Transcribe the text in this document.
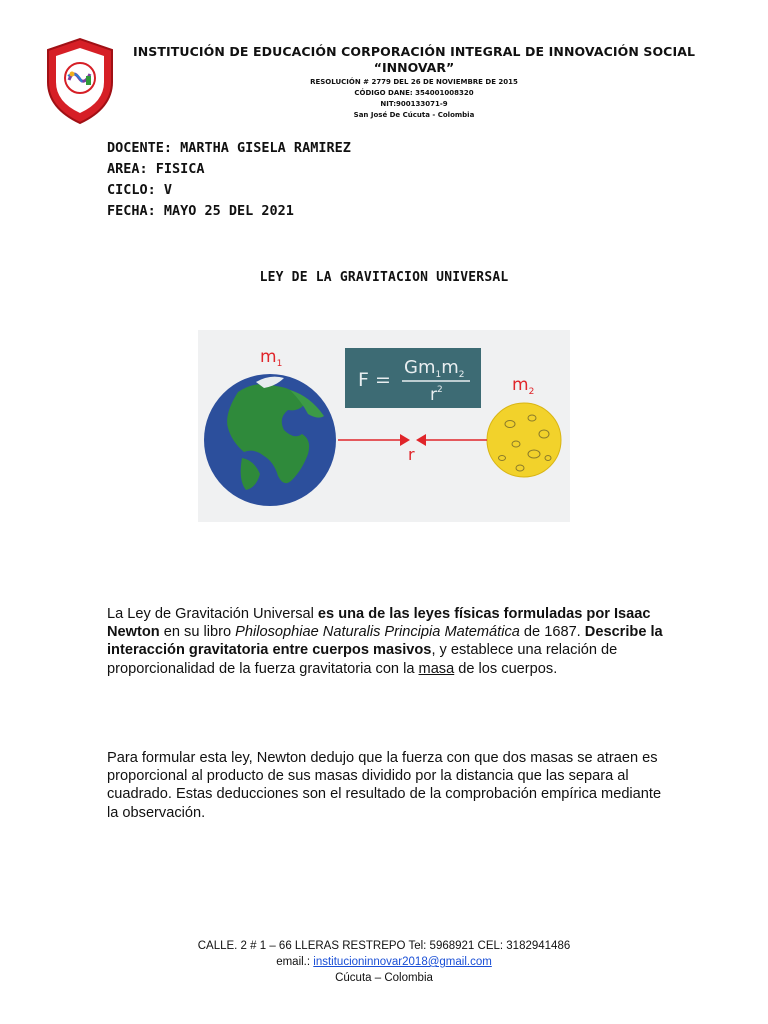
INNOVAR
INSTITUCIÓN DE EDUCACIÓN CORPORACIÓN INTEGRAL DE INNOVACIÓN SOCIAL
“INNOVAR”
RESOLUCIÓN # 2779 DEL 26 DE NOVIEMBRE DE 2015
CÓDIGO DANE: 354001008320
NIT:900133071-9
San José De Cúcuta - Colombia
DOCENTE: MARTHA GISELA RAMIREZ
AREA: FISICA
CICLO: V
FECHA: MAYO 25 DEL 2021
LEY DE LA GRAVITACION UNIVERSAL
$m_1$
$m_2$
F =
$Gm_1m_2$
$r^2$
r
La Ley de Gravitación Universal es una de las leyes físicas formuladas por Isaac Newton en su libro Philosophiae Naturalis Principia Matemática de 1687. Describe la interacción gravitatoria entre cuerpos masivos, y establece una relación de proporcionalidad de la fuerza gravitatoria con la masa de los cuerpos.
Para formular esta ley, Newton dedujo que la fuerza con que dos masas se atraen es proporcional al producto de sus masas dividido por la distancia que las separa al cuadrado. Estas deducciones son el resultado de la comprobación empírica mediante la observación.
CALLE. 2 # 1 – 66 LLERAS RESTREPO Tel: 5968921 CEL: 3182941486
email.: institucioninnovar2018@gmail.com
Cúcuta – Colombia
